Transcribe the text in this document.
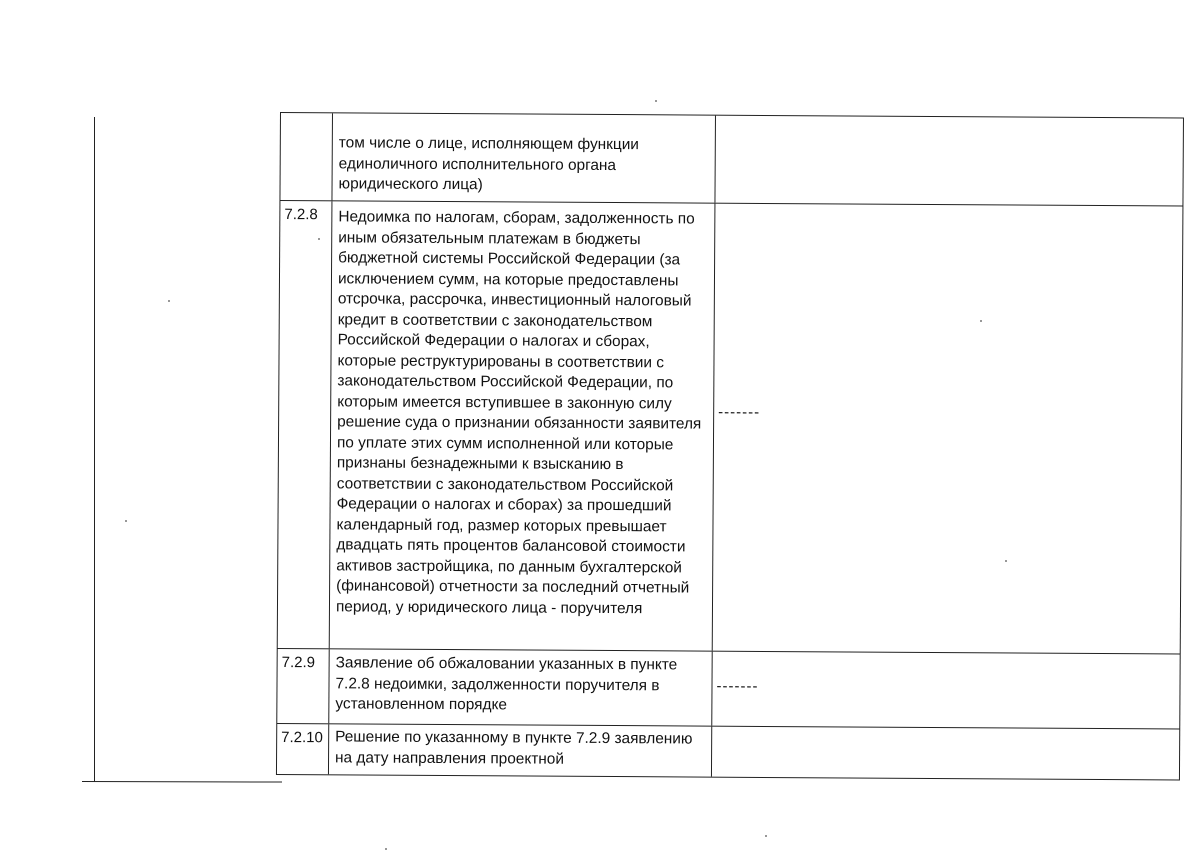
том числе о лице, исполняющем функции единоличного исполнительного органа юридического лица)
7.2.8	Недоимка по налогам, сборам, задолженность по иным обязательным платежам в бюджеты бюджетной системы Российской Федерации (за исключением сумм, на которые предоставлены отсрочка, рассрочка, инвестиционный налоговый кредит в соответствии с законодательством Российской Федерации о налогах и сборах, которые реструктурированы в соответствии с законодательством Российской Федерации, по которым имеется вступившее в законную силу решение суда о признании обязанности заявителя по уплате этих сумм исполненной или которые признаны безнадежными к взысканию в соответствии с законодательством Российской Федерации о налогах и сборах) за прошедший календарный год, размер которых превышает двадцать пять процентов балансовой стоимости активов застройщика, по данным бухгалтерской (финансовой) отчетности за последний отчетный период, у юридического лица - поручителя
-------
7.2.9	Заявление об обжаловании указанных в пункте 7.2.8 недоимки, задолженности поручителя в установленном порядке
-------
7.2.10 Решение по указанному в пункте 7.2.9 заявлению на дату направления проектной
